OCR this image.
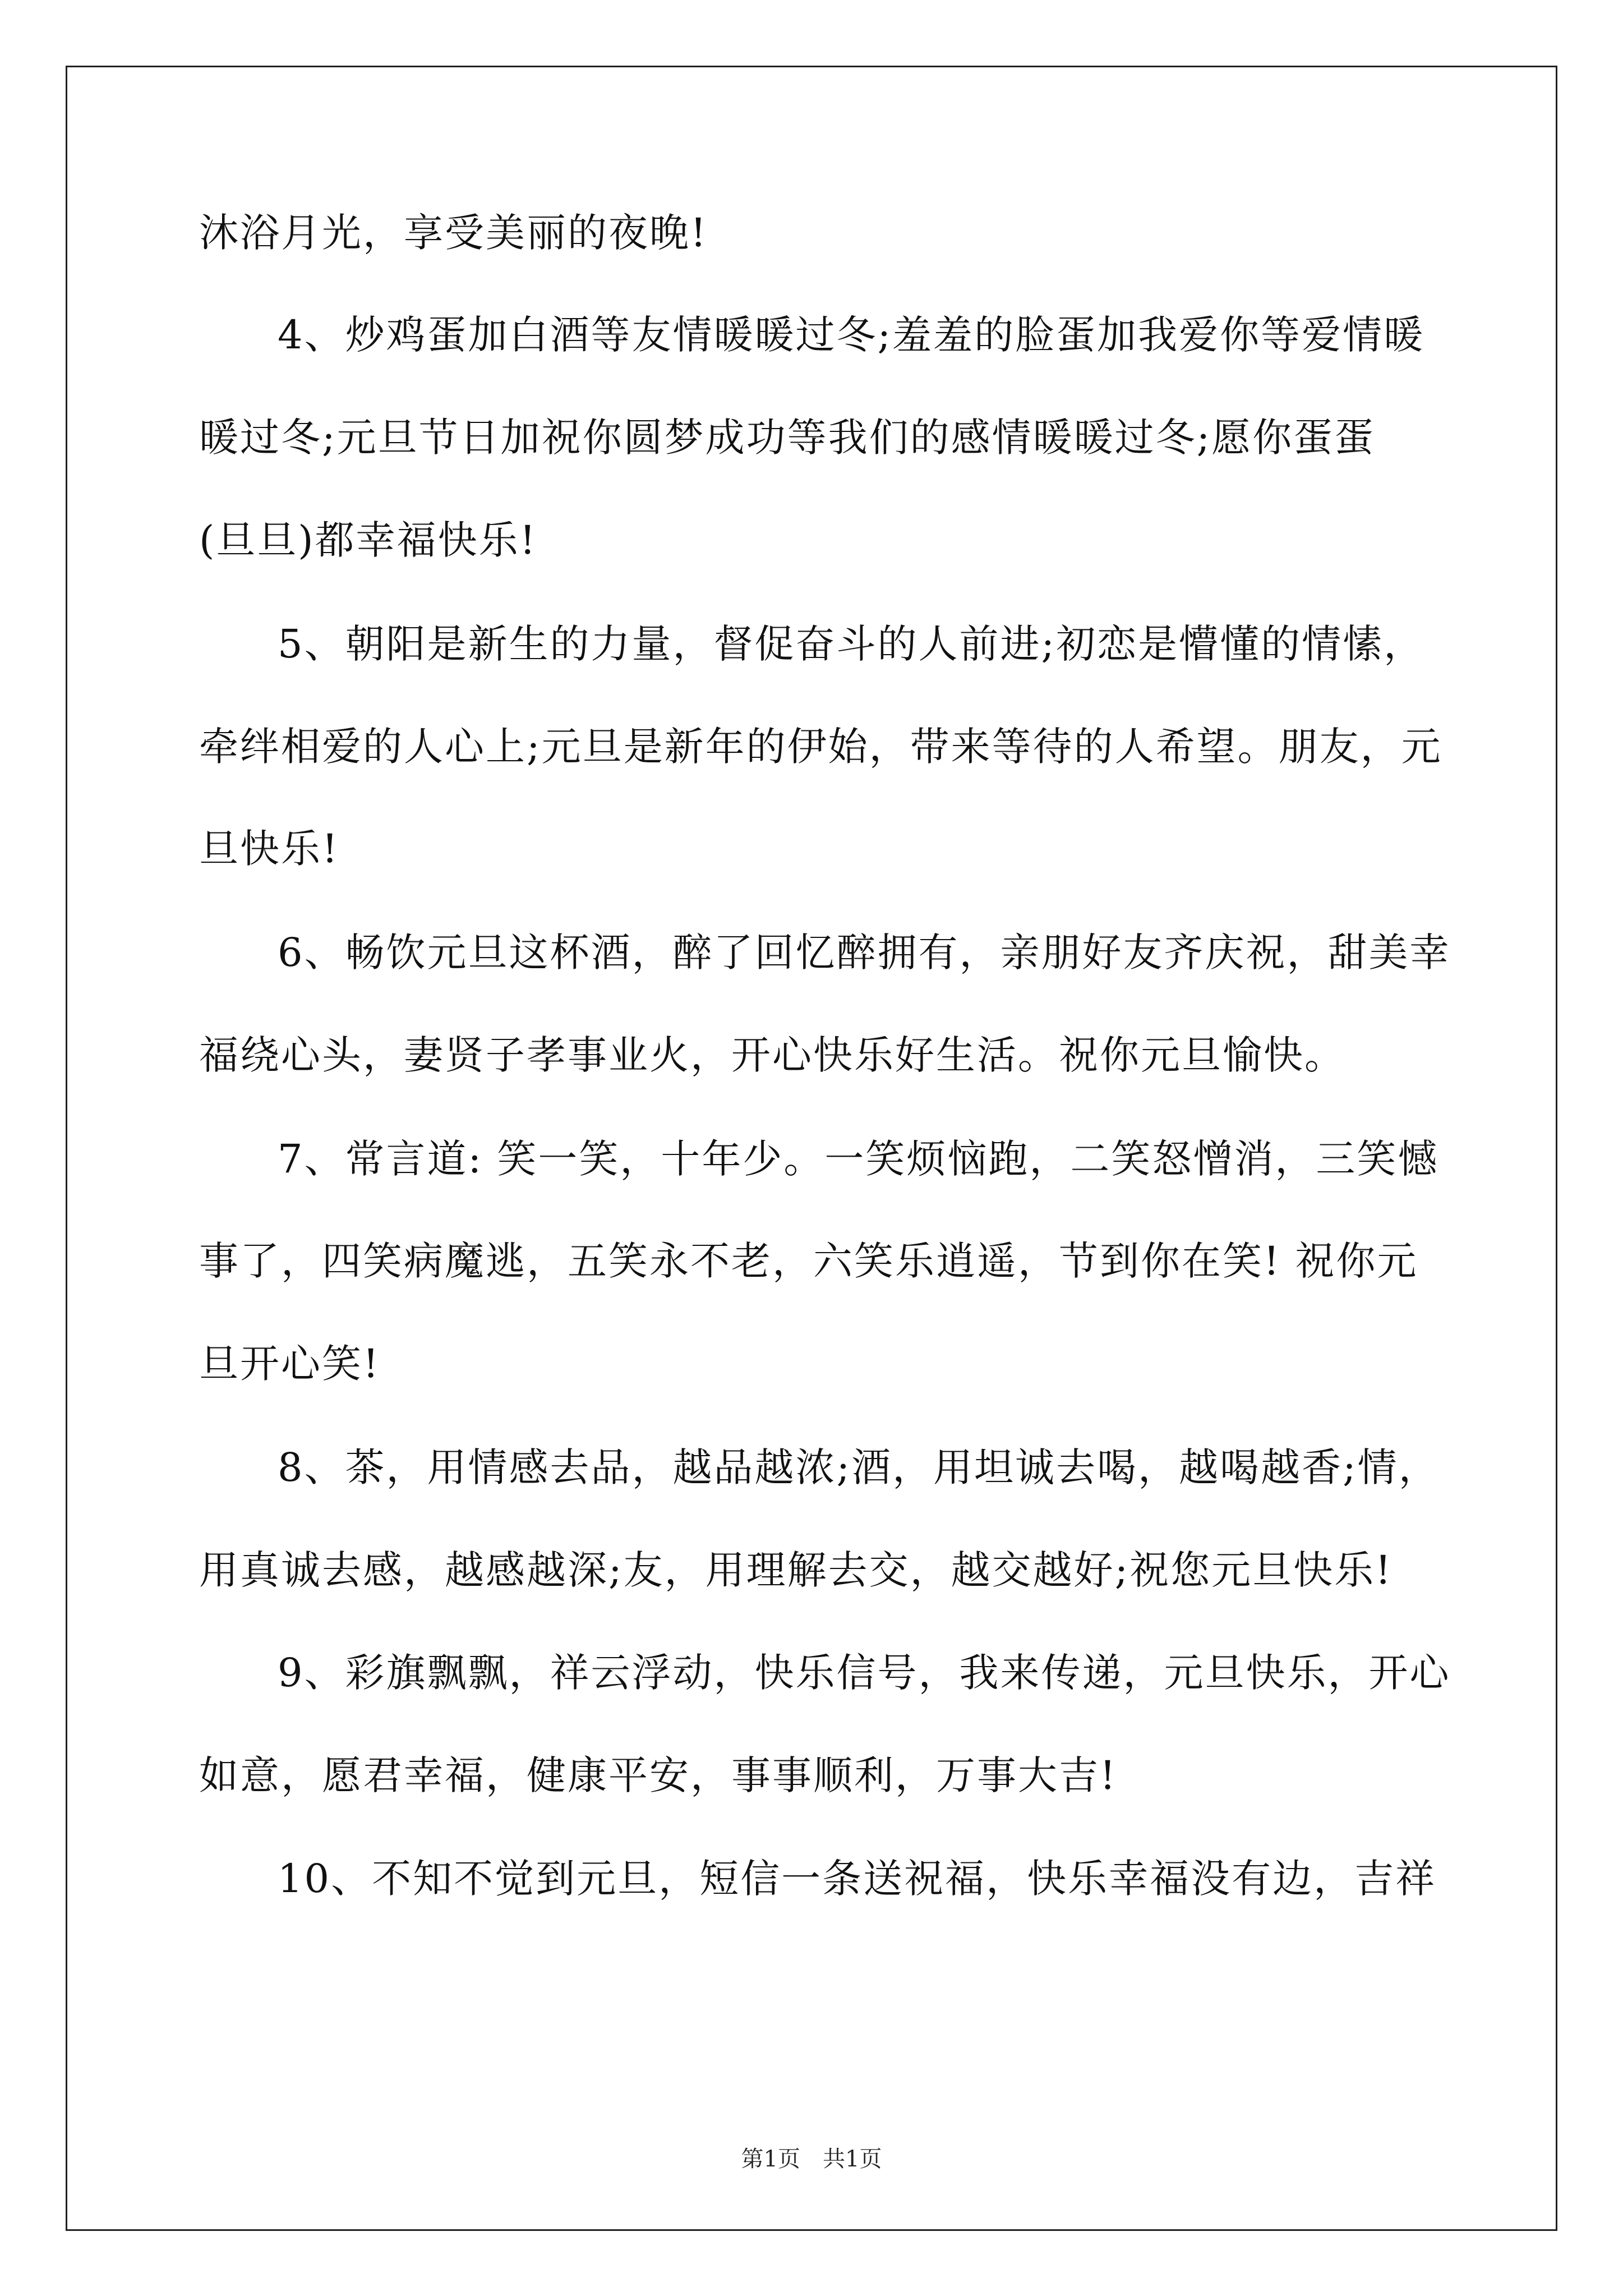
沐浴月光，享受美丽的夜晚!
4、炒鸡蛋加白酒等友情暖暖过冬;羞羞的脸蛋加我爱你等爱情暖
暖过冬;元旦节日加祝你圆梦成功等我们的感情暖暖过冬;愿你蛋蛋
(旦旦)都幸福快乐!
5、朝阳是新生的力量，督促奋斗的人前进;初恋是懵懂的情愫，
牵绊相爱的人心上;元旦是新年的伊始，带来等待的人希望。朋友，元
旦快乐!
6、畅饮元旦这杯酒，醉了回忆醉拥有，亲朋好友齐庆祝，甜美幸
福绕心头，妻贤子孝事业火，开心快乐好生活。祝你元旦愉快。
7、常言道: 笑一笑，十年少。一笑烦恼跑，二笑怒憎消，三笑憾
事了，四笑病魔逃，五笑永不老，六笑乐逍遥，节到你在笑! 祝你元
旦开心笑!
8、茶，用情感去品，越品越浓;酒，用坦诚去喝，越喝越香;情，
用真诚去感，越感越深;友，用理解去交，越交越好;祝您元旦快乐!
9、彩旗飘飘，祥云浮动，快乐信号，我来传递，元旦快乐，开心
如意，愿君幸福，健康平安，事事顺利，万事大吉!
10、不知不觉到元旦，短信一条送祝福，快乐幸福没有边，吉祥
第1页　共1页
